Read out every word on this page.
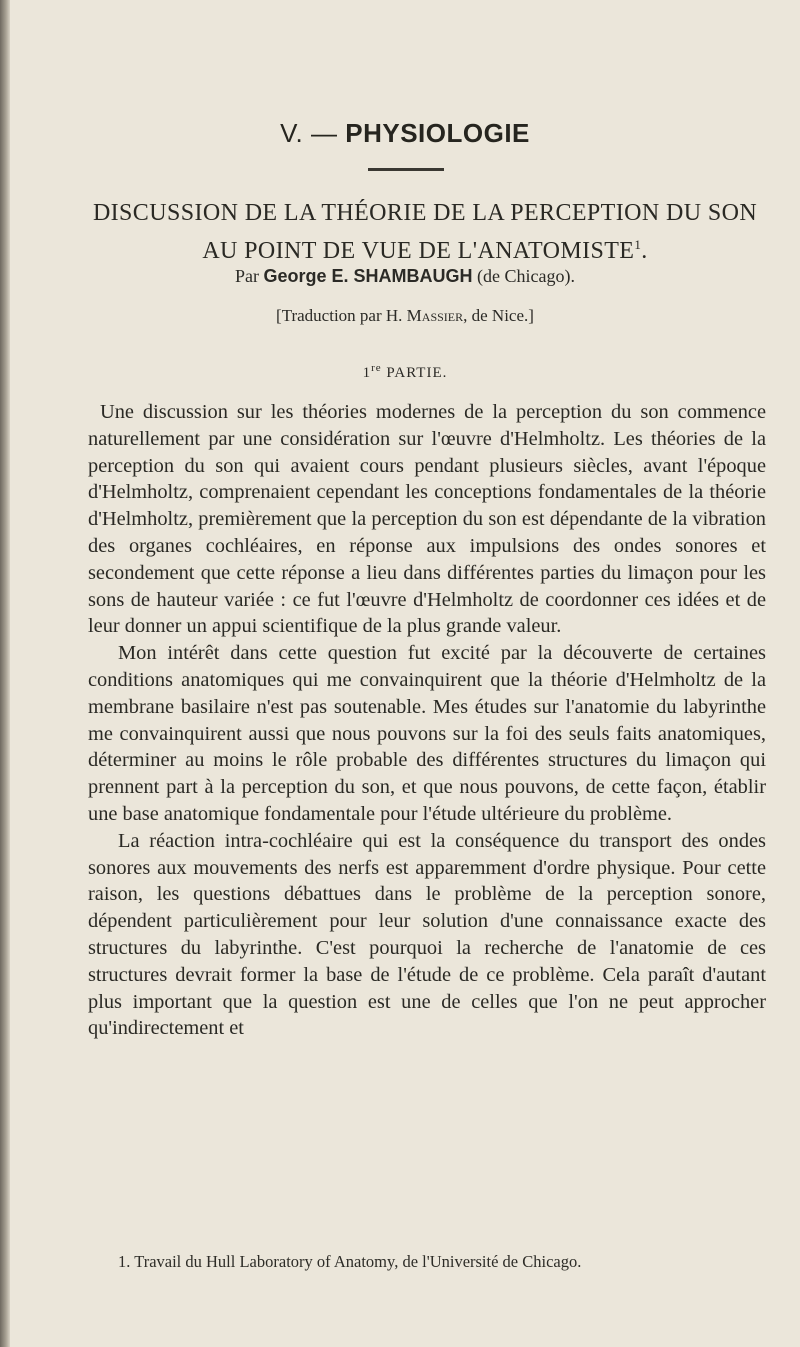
V. — PHYSIOLOGIE
DISCUSSION DE LA THÉORIE DE LA PERCEPTION DU SON AU POINT DE VUE DE L'ANATOMISTE$^1$.
Par George E. SHAMBAUGH (de Chicago).
[Traduction par H. Massier, de Nice.]
1re PARTIE.

Une discussion sur les théories modernes de la perception du son commence naturellement par une considération sur l'œuvre d'Helmholtz. Les théories de la perception du son qui avaient cours pendant plusieurs siècles, avant l'époque d'Helmholtz, comprenaient cependant les conceptions fondamentales de la théorie d'Helmholtz, premièrement que la perception du son est dépendante de la vibration des organes cochléaires, en réponse aux impulsions des ondes sonores et secondement que cette réponse a lieu dans différentes parties du limaçon pour les sons de hauteur variée : ce fut l'œuvre d'Helmholtz de coordonner ces idées et de leur donner un appui scientifique de la plus grande valeur.

Mon intérêt dans cette question fut excité par la découverte de certaines conditions anatomiques qui me convainquirent que la théorie d'Helmholtz de la membrane basilaire n'est pas soutenable. Mes études sur l'anatomie du labyrinthe me convainquirent aussi que nous pouvons sur la foi des seuls faits anatomiques, déterminer au moins le rôle probable des différentes structures du limaçon qui prennent part à la perception du son, et que nous pouvons, de cette façon, établir une base anatomique fondamentale pour l'étude ultérieure du problème.

La réaction intra-cochléaire qui est la conséquence du transport des ondes sonores aux mouvements des nerfs est apparemment d'ordre physique. Pour cette raison, les questions débattues dans le problème de la perception sonore, dépendent particulièrement pour leur solution d'une connaissance exacte des structures du labyrinthe. C'est pourquoi la recherche de l'anatomie de ces structures devrait former la base de l'étude de ce problème. Cela paraît d'autant plus important que la question est une de celles que l'on ne peut approcher qu'indirectement et

1. Travail du Hull Laboratory of Anatomy, de l'Université de Chicago.
